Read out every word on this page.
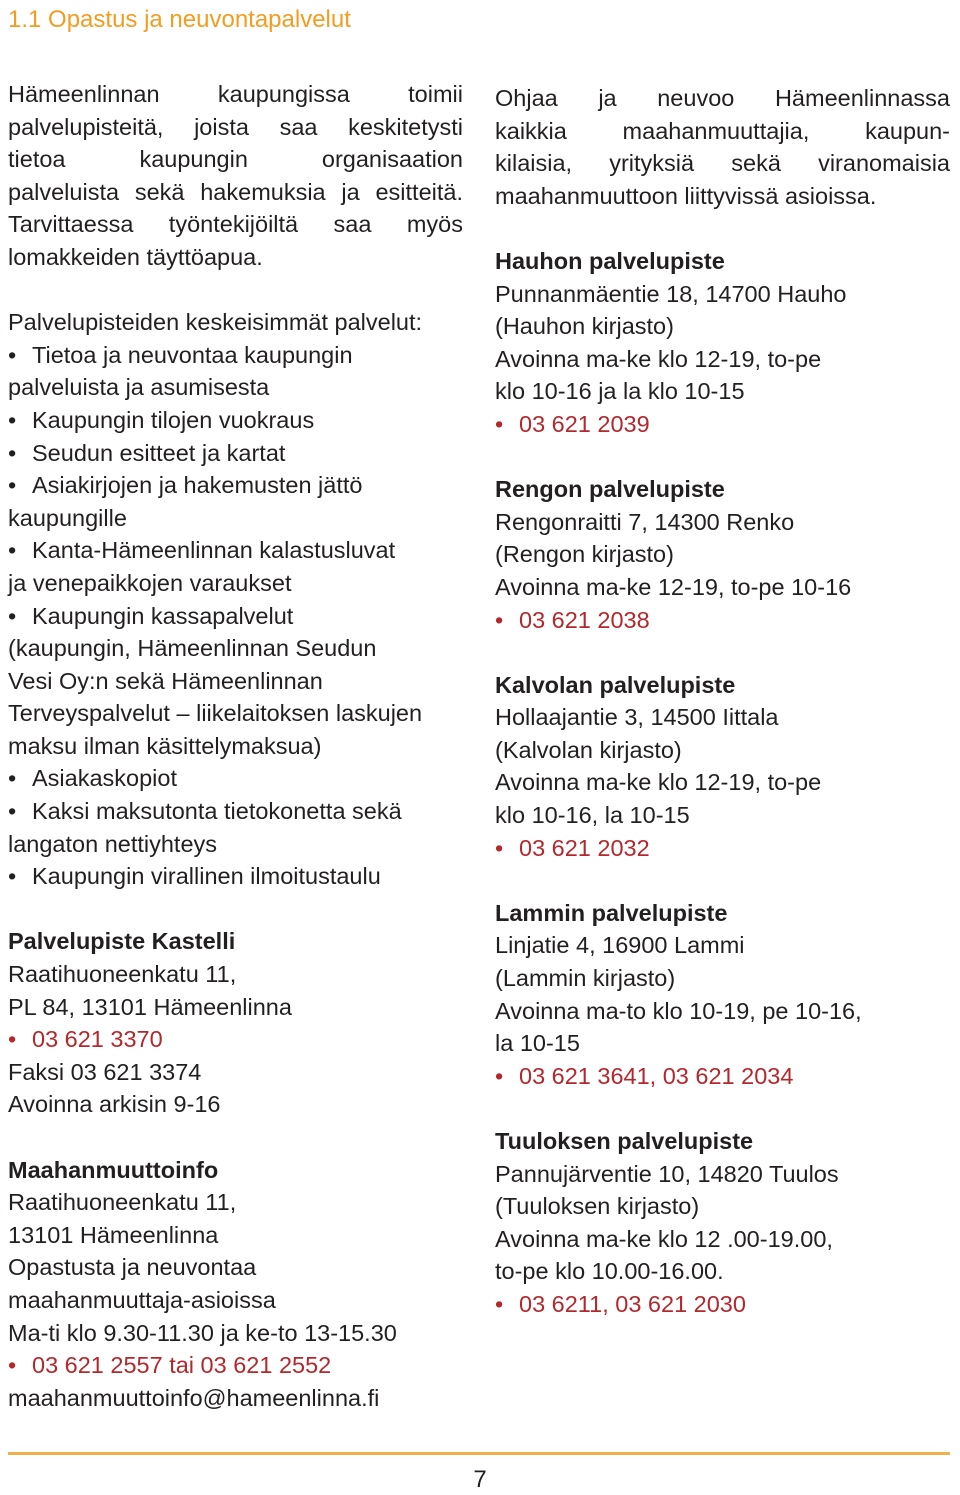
1.1 Opastus ja neuvontapalvelut

Hämeenlinnan kaupungissa toimii

palvelupisteitä, joista saa keskitetysti

tietoa kaupungin organisaation

palveluista sekä hakemuksia ja esitteitä.

Tarvittaessa työntekijöiltä saa myös

lomakkeiden täyttöapua.

Palvelupisteiden keskeisimmät palvelut:

• Tietoa ja neuvontaa kaupungin

palveluista ja asumisesta

• Kaupungin tilojen vuokraus

• Seudun esitteet ja kartat

• Asiakirjojen ja hakemusten jättö

kaupungille

• Kanta-Hämeenlinnan kalastusluvat

ja venepaikkojen varaukset

• Kaupungin kassapalvelut

(kaupungin, Hämeenlinnan Seudun

Vesi Oy:n sekä Hämeenlinnan

Terveyspalvelut – liikelaitoksen laskujen

maksu ilman käsittelymaksua)

• Asiakaskopiot

• Kaksi maksutonta tietokonetta sekä

langaton nettiyhteys

• Kaupungin virallinen ilmoitustaulu

Palvelupiste Kastelli

Raatihuoneenkatu 11,

PL 84, 13101 Hämeenlinna

• 03 621 3370

Faksi 03 621 3374

Avoinna arkisin 9-16

Maahanmuuttoinfo

Raatihuoneenkatu 11,

13101 Hämeenlinna

Opastusta ja neuvontaa

maahanmuuttaja-asioissa

Ma-ti klo 9.30-11.30 ja ke-to 13-15.30

• 03 621 2557 tai 03 621 2552

maahanmuuttoinfo@hameenlinna.fi

Ohjaa ja neuvoo Hämeenlinnassa

kaikkia maahanmuuttajia, kaupun-

kilaisia, yrityksiä sekä viranomaisia

maahanmuuttoon liittyvissä asioissa.

Hauhon palvelupiste

Punnanmäentie 18, 14700 Hauho

(Hauhon kirjasto)

Avoinna ma-ke klo 12-19, to-pe

klo 10-16 ja la klo 10-15

• 03 621 2039

Rengon palvelupiste

Rengonraitti 7, 14300 Renko

(Rengon kirjasto)

Avoinna ma-ke 12-19, to-pe 10-16

• 03 621 2038

Kalvolan palvelupiste

Hollaajantie 3, 14500 Iittala

(Kalvolan kirjasto)

Avoinna ma-ke klo 12-19, to-pe

klo 10-16, la 10-15

• 03 621 2032

Lammin palvelupiste

Linjatie 4, 16900 Lammi

(Lammin kirjasto)

Avoinna ma-to klo 10-19, pe 10-16,

la 10-15

• 03 621 3641, 03 621 2034

Tuuloksen palvelupiste

Pannujärventie 10, 14820 Tuulos

(Tuuloksen kirjasto)

Avoinna ma-ke klo 12 .00-19.00,

to-pe klo 10.00-16.00.

• 03 6211, 03 621 2030

7
